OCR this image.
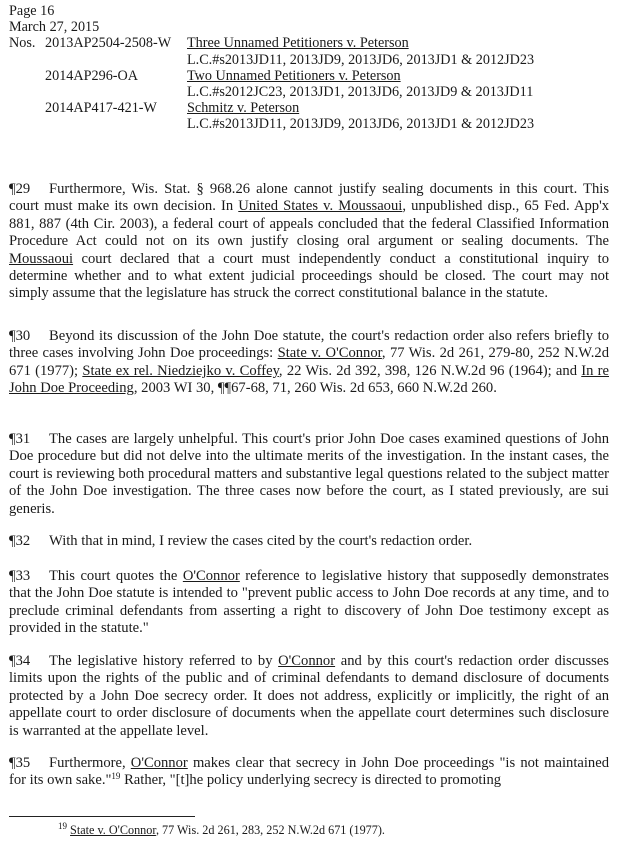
Page 16
March 27, 2015
Nos. 2013AP2504-2508-W	Three Unnamed Petitioners v. Peterson
L.C.#s2013JD11, 2013JD9, 2013JD6, 2013JD1 & 2012JD23
2014AP296-OA	Two Unnamed Petitioners v. Peterson
L.C.#s2012JC23, 2013JD1, 2013JD6, 2013JD9 & 2013JD11
2014AP417-421-W	Schmitz v. Peterson
L.C.#s2013JD11, 2013JD9, 2013JD6, 2013JD1 & 2012JD23

¶29 Furthermore, Wis. Stat. § 968.26 alone cannot justify sealing documents in this court. This court must make its own decision. In United States v. Moussaoui, unpublished disp., 65 Fed. App'x 881, 887 (4th Cir. 2003), a federal court of appeals concluded that the federal Classified Information Procedure Act could not on its own justify closing oral argument or sealing documents. The Moussaoui court declared that a court must independently conduct a constitutional inquiry to determine whether and to what extent judicial proceedings should be closed. The court may not simply assume that the legislature has struck the correct constitutional balance in the statute.

¶30 Beyond its discussion of the John Doe statute, the court's redaction order also refers briefly to three cases involving John Doe proceedings: State v. O'Connor, 77 Wis. 2d 261, 279-80, 252 N.W.2d 671 (1977); State ex rel. Niedziejko v. Coffey, 22 Wis. 2d 392, 398, 126 N.W.2d 96 (1964); and In re John Doe Proceeding, 2003 WI 30, ¶¶67-68, 71, 260 Wis. 2d 653, 660 N.W.2d 260.

¶31 The cases are largely unhelpful. This court's prior John Doe cases examined questions of John Doe procedure but did not delve into the ultimate merits of the investigation. In the instant cases, the court is reviewing both procedural matters and substantive legal questions related to the subject matter of the John Doe investigation. The three cases now before the court, as I stated previously, are sui generis.

¶32 With that in mind, I review the cases cited by the court's redaction order.

¶33 This court quotes the O'Connor reference to legislative history that supposedly demonstrates that the John Doe statute is intended to "prevent public access to John Doe records at any time, and to preclude criminal defendants from asserting a right to discovery of John Doe testimony except as provided in the statute."

¶34 The legislative history referred to by O'Connor and by this court's redaction order discusses limits upon the rights of the public and of criminal defendants to demand disclosure of documents protected by a John Doe secrecy order. It does not address, explicitly or implicitly, the right of an appellate court to order disclosure of documents when the appellate court determines such disclosure is warranted at the appellate level.

¶35 Furthermore, O'Connor makes clear that secrecy in John Doe proceedings "is not maintained for its own sake."$^{19}$ Rather, "[t]he policy underlying secrecy is directed to promoting

$^{19}$ State v. O'Connor, 77 Wis. 2d 261, 283, 252 N.W.2d 671 (1977).
